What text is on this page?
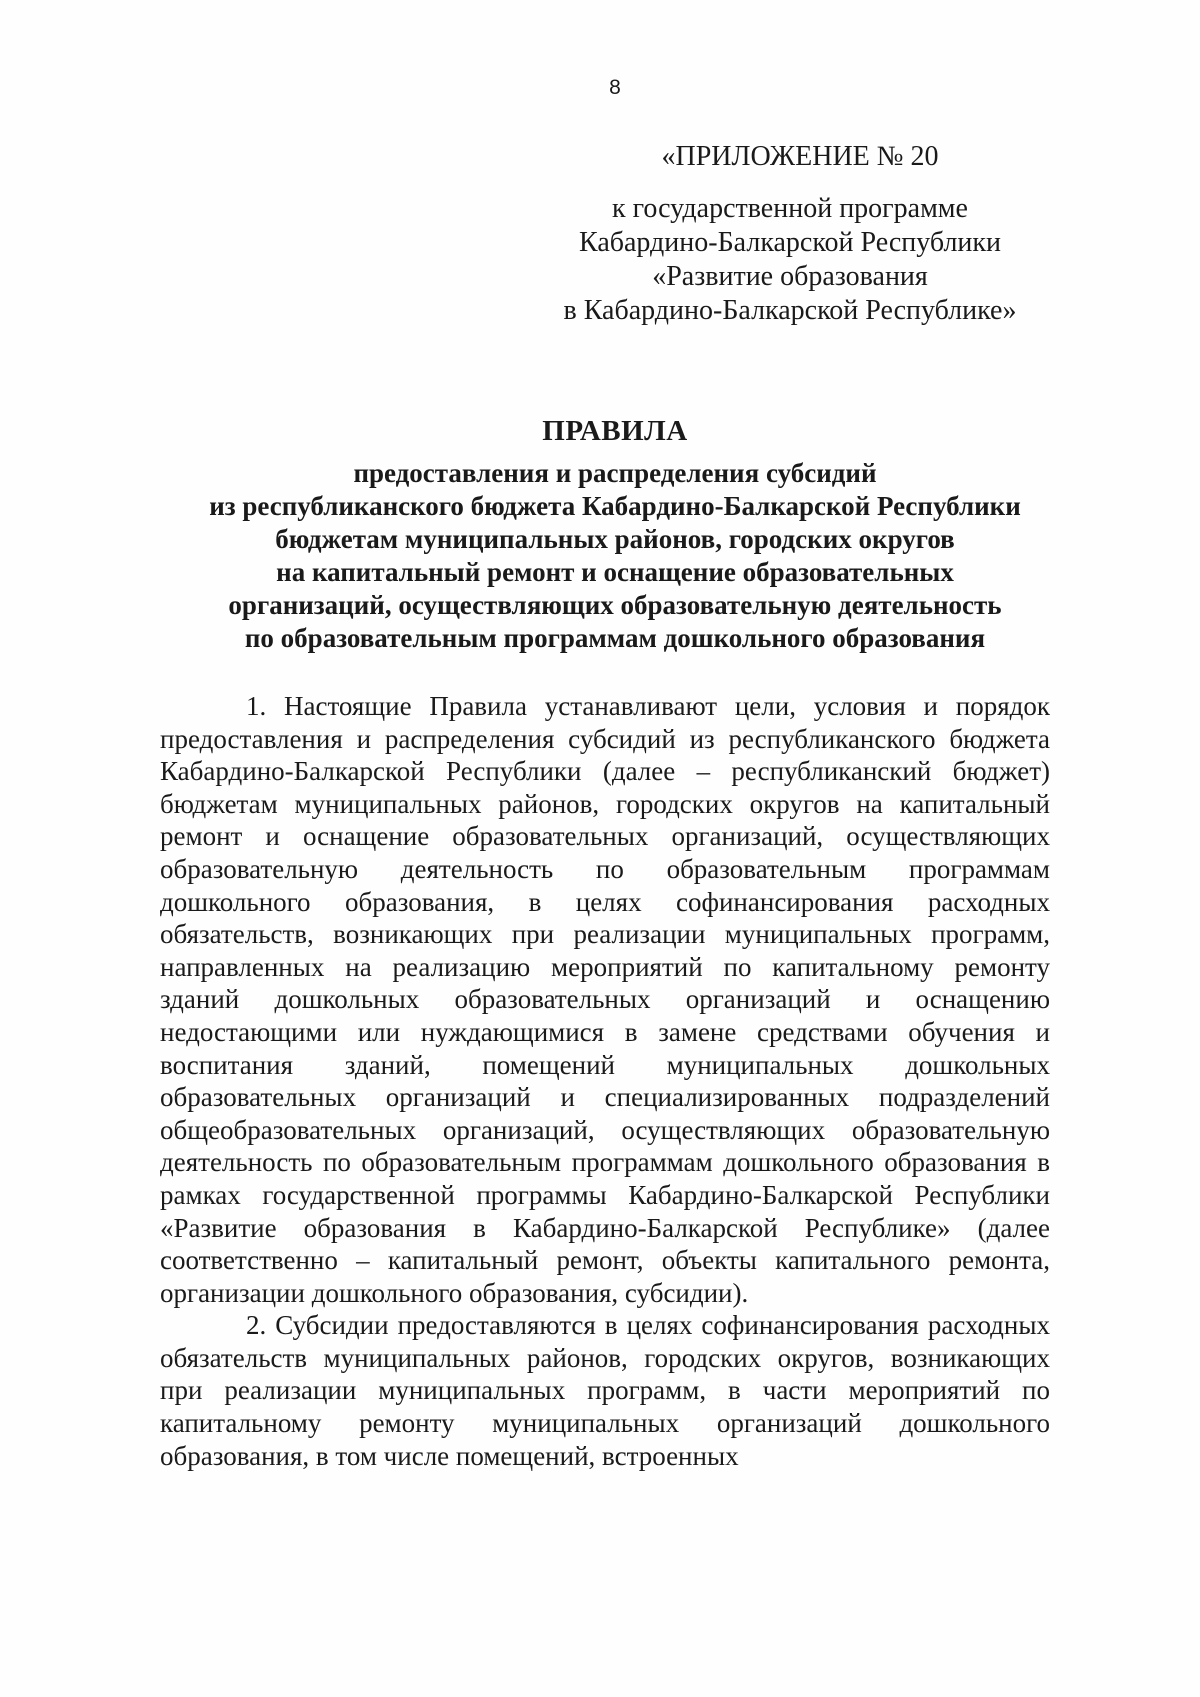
8

«ПРИЛОЖЕНИЕ № 20

к государственной программе

Кабардино-Балкарской Республики

«Развитие образования

в Кабардино-Балкарской Республике»

ПРАВИЛА
предоставления и распределения субсидий
из республиканского бюджета Кабардино-Балкарской Республики
бюджетам муниципальных районов, городских округов
на капитальный ремонт и оснащение образовательных
организаций, осуществляющих образовательную деятельность
по образовательным программам дошкольного образования

1. Настоящие Правила устанавливают цели, условия и порядок предоставления и распределения субсидий из республиканского бюджета Кабардино-Балкарской Республики (далее – республиканский бюджет) бюджетам муниципальных районов, городских округов на капитальный ремонт и оснащение образовательных организаций, осуществляющих образовательную деятельность по образовательным программам дошкольного образования, в целях софинансирования расходных обязательств, возникающих при реализации муниципальных программ, направленных на реализацию мероприятий по капитальному ремонту зданий дошкольных образовательных организаций и оснащению недостающими или нуждающимися в замене средствами обучения и воспитания зданий, помещений муниципальных дошкольных образовательных организаций и специализированных подразделений общеобразовательных организаций, осуществляющих образовательную деятельность по образовательным программам дошкольного образования в рамках государственной программы Кабардино-Балкарской Республики «Развитие образования в Кабардино-Балкарской Республике» (далее соответственно – капитальный ремонт, объекты капитального ремонта, организации дошкольного образования, субсидии).

2. Субсидии предоставляются в целях софинансирования расходных обязательств муниципальных районов, городских округов, возникающих при реализации муниципальных программ, в части мероприятий по капитальному ремонту муниципальных организаций дошкольного образования, в том числе помещений, встроенных
